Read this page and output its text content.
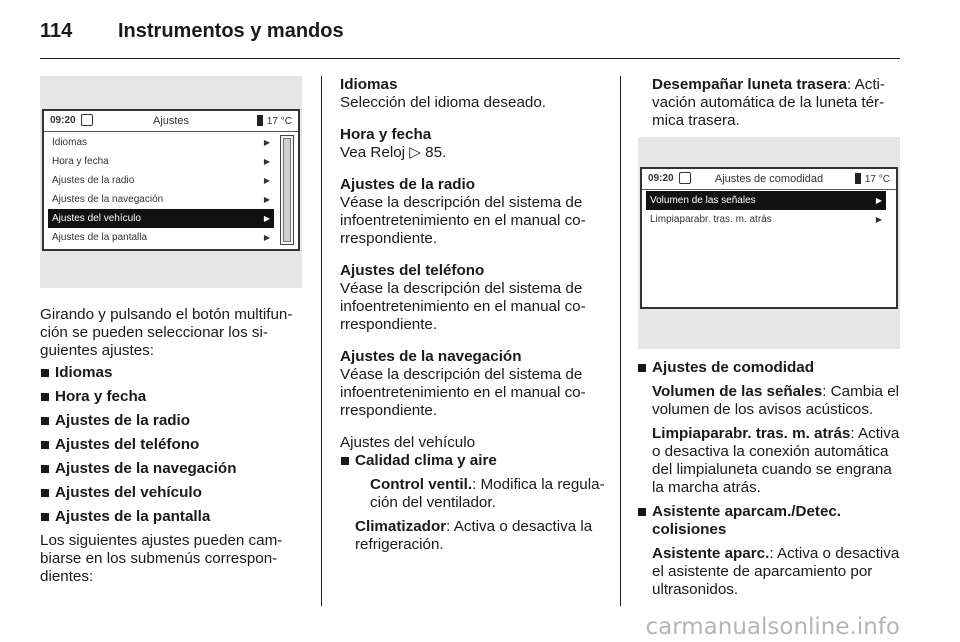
114 Instrumentos y mandos
09:20	Ajustes	17 °C
Idiomas	▶
Hora y fecha	▶
Ajustes de la radio	▶
Ajustes de la navegación	▶
Ajustes del vehículo	▶
Ajustes de la pantalla	▶

Girando y pulsando el botón multifun- ción se pueden seleccionar los si- guientes ajustes:

Idiomas
Hora y fecha
Ajustes de la radio
Ajustes del teléfono
Ajustes de la navegación
Ajustes del vehículo
Ajustes de la pantalla

Los siguientes ajustes pueden cam- biarse en los submenús correspon- dientes:

Idiomas

Selección del idioma deseado.

Hora y fecha

Vea Reloj ▷ 85.

Ajustes de la radio

Véase la descripción del sistema de infoentretenimiento en el manual co- rrespondiente.

Ajustes del teléfono

Véase la descripción del sistema de infoentretenimiento en el manual co- rrespondiente.

Ajustes de la navegación

Véase la descripción del sistema de infoentretenimiento en el manual co- rrespondiente.

Ajustes del vehículo

Calidad clima y aire

Control ventil.: Modifica la regula- ción del ventilador.

Climatizador: Activa o desactiva la refrigeración.

Desempañar luneta trasera: Acti- vación automática de la luneta tér- mica trasera.

09:20	Ajustes de comodidad	17 °C
Volumen de las señales	▶
Limpiaparabr. tras. m. atrás	▶

Ajustes de comodidad

Volumen de las señales: Cambia el volumen de los avisos acústicos.

Limpiaparabr. tras. m. atrás: Activa o desactiva la conexión automática del limpialuneta cuando se engrana la marcha atrás.

Asistente aparcam./Detec. colisiones

Asistente aparc.: Activa o desactiva el asistente de aparcamiento por ultrasonidos.

carmanualsonline.info
